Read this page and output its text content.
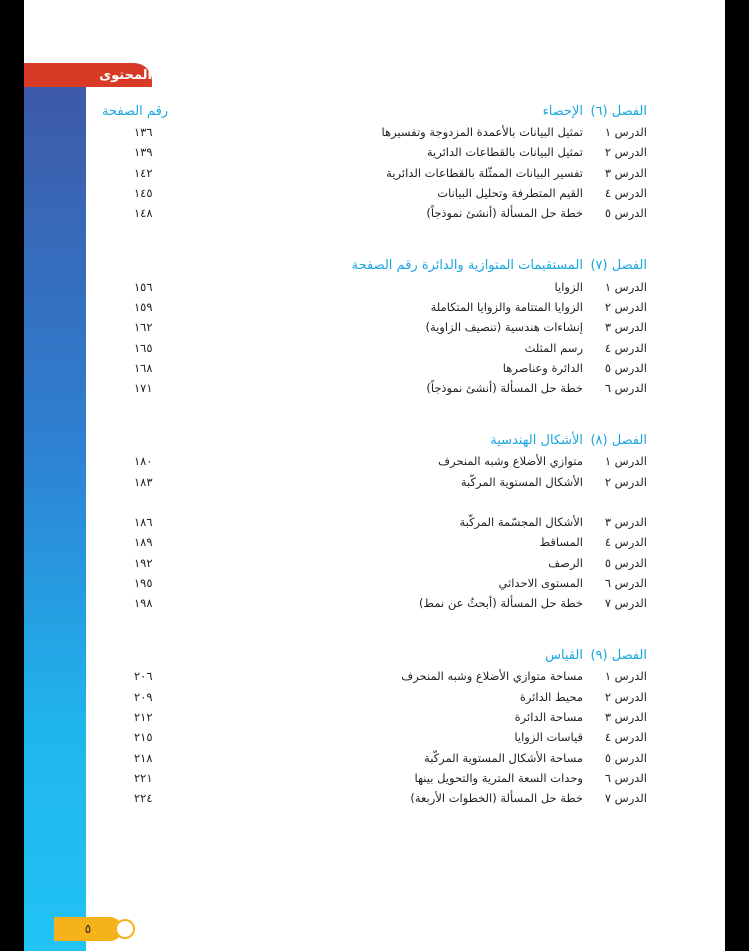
المحتوى
الفصل (٦)
الإحصاء
رقم الصفحة
الدرس ١
تمثيل البيانات بالأعمدة المزدوجة وتفسيرها
١٣٦
الدرس ٢
تمثيل البيانات بالقطاعات الدائرية
١٣٩
الدرس ٣
تفسير البيانات الممثّلة بالقطاعات الدائرية
١٤٢
الدرس ٤
القيم المتطرفة وتحليل البيانات
١٤٥
الدرس ٥
خطة حل المسألة (أنشئ نموذجاً)
١٤٨
الفصل (٧)
المستقيمات المتوازية والدائرة رقم الصفحة
الدرس ١
الزوايا
١٥٦
الدرس ٢
الزوايا المتتامة والزوايا المتكاملة
١٥٩
الدرس ٣
إنشاءات هندسية (تنصيف الزاوية)
١٦٢
الدرس ٤
رسم المثلث
١٦٥
الدرس ٥
الدائرة وعناصرها
١٦٨
الدرس ٦
خطة حل المسألة (أنشئ نموذجاً)
١٧١
الفصل (٨)
الأشكال الهندسية
الدرس ١
متوازي الأضلاع وشبه المنحرف
١٨٠
الدرس ٢
الأشكال المستوية المركّبة
١٨٣
الدرس ٣
الأشكال المجسّمة المركّبة
١٨٦
الدرس ٤
المساقط
١٨٩
الدرس ٥
الرصف
١٩٢
الدرس ٦
المستوى الاحداثي
١٩٥
الدرس ٧
خطة حل المسألة (أبحثُ عن نمط)
١٩٨
الفصل (٩)
القياس
الدرس ١
مساحة متوازي الأضلاع وشبه المنحرف
٢٠٦
الدرس ٢
محيط الدائرة
٢٠٩
الدرس ٣
مساحة الدائرة
٢١٢
الدرس ٤
قياسات الزوايا
٢١٥
الدرس ٥
مساحة الأشكال المستوية المركّبة
٢١٨
الدرس ٦
وحدات السعة المترية والتحويل بينها
٢٢١
الدرس ٧
خطة حل المسألة (الخطوات الأربعة)
٢٢٤
٥
